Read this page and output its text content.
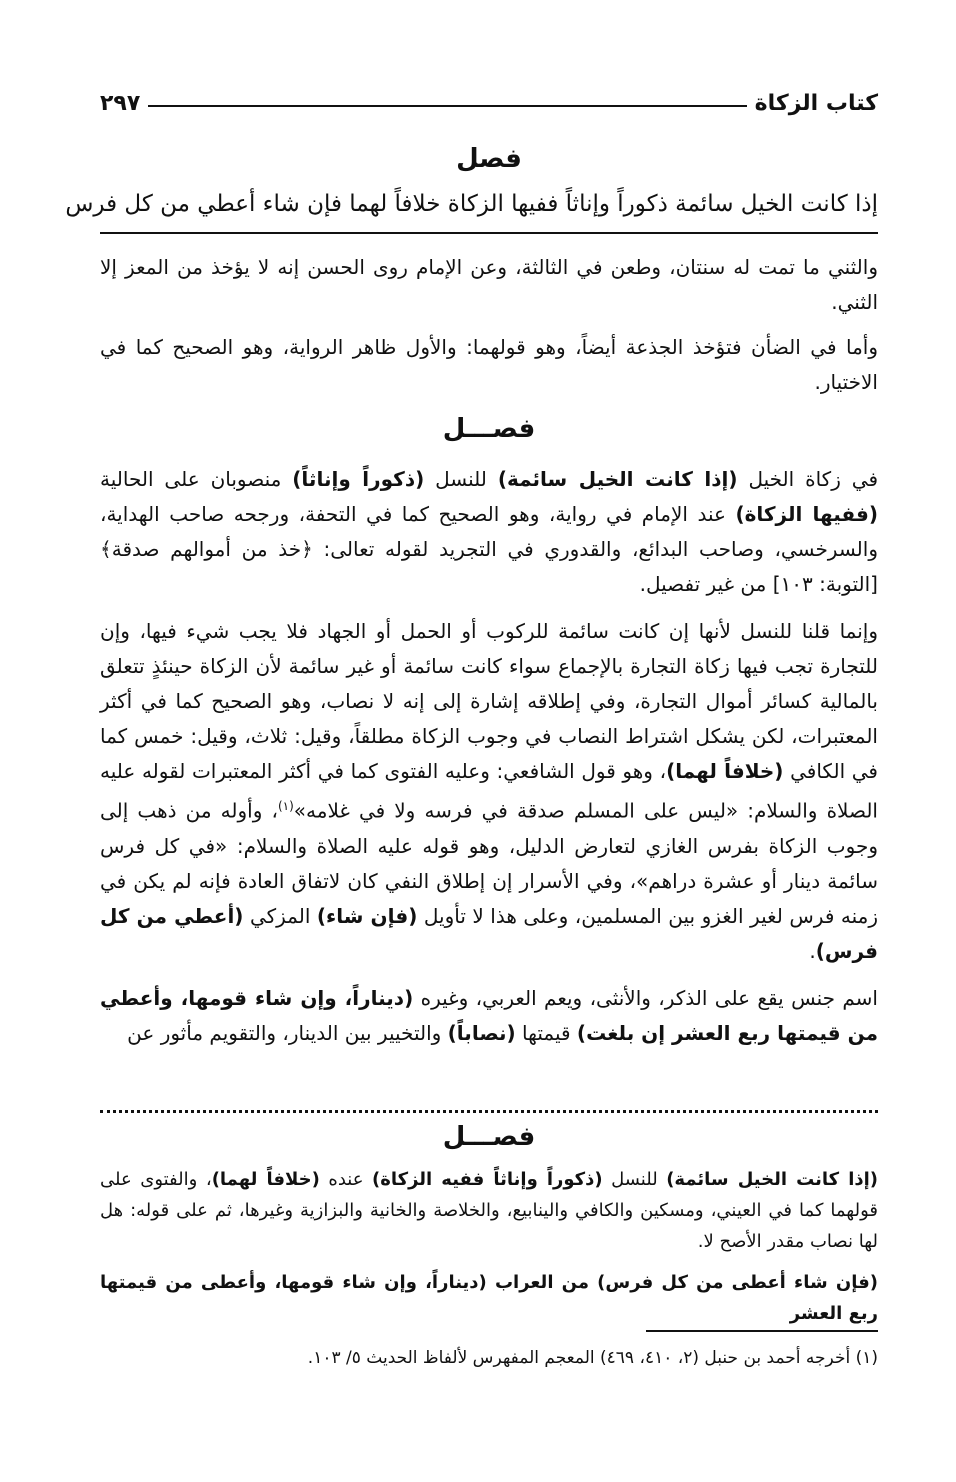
كتاب الزكاة
٢٩٧
فصل
إذا كانت الخيل سائمة ذكوراً وإناثاً ففيها الزكاة خلافاً لهما فإن شاء أعطي من كل فرس

والثني ما تمت له سنتان، وطعن في الثالثة، وعن الإمام روى الحسن إنه لا يؤخذ من المعز إلا الثني.

وأما في الضأن فتؤخذ الجذعة أيضاً، وهو قولهما: والأول ظاهر الرواية، وهو الصحيح كما في الاختيار.

فصـــل

في زكاة الخيل (إذا كانت الخيل سائمة) للنسل (ذكوراً وإناثاً) منصوبان على الحالية (ففيها الزكاة) عند الإمام في رواية، وهو الصحيح كما في التحفة، ورجحه صاحب الهداية، والسرخسي، وصاحب البدائع، والقدوري في التجريد لقوله تعالى: ﴿خذ من أموالهم صدقة﴾ [التوبة: ١٠٣] من غير تفصيل.

وإنما قلنا للنسل لأنها إن كانت سائمة للركوب أو الحمل أو الجهاد فلا يجب شيء فيها، وإن للتجارة تجب فيها زكاة التجارة بالإجماع سواء كانت سائمة أو غير سائمة لأن الزكاة حينئذٍ تتعلق بالمالية كسائر أموال التجارة، وفي إطلاقه إشارة إلى إنه لا نصاب، وهو الصحيح كما في أكثر المعتبرات، لكن يشكل اشتراط النصاب في وجوب الزكاة مطلقاً، وقيل: ثلاث، وقيل: خمس كما في الكافي (خلافاً لهما)، وهو قول الشافعي: وعليه الفتوى كما في أكثر المعتبرات لقوله عليه الصلاة والسلام: «ليس على المسلم صدقة في فرسه ولا في غلامه»$^{(١)}$، وأوله من ذهب إلى وجوب الزكاة بفرس الغازي لتعارض الدليل، وهو قوله عليه الصلاة والسلام: «في كل فرس سائمة دينار أو عشرة دراهم»، وفي الأسرار إن إطلاق النفي كان لاتفاق العادة فإنه لم يكن في زمنه فرس لغير الغزو بين المسلمين، وعلى هذا لا تأويل (فإن شاء) المزكي (أعطي من كل فرس).

اسم جنس يقع على الذكر، والأنثى، ويعم العربي، وغيره (ديناراً، وإن شاء قومها، وأعطي من قيمتها ربع العشر إن بلغت) قيمتها (نصاباً) والتخيير بين الدينار، والتقويم مأثور عن

فصـــل

(إذا كانت الخيل سائمة) للنسل (ذكوراً وإناثاً ففيه الزكاة) عنده (خلافاً لهما)، والفتوى على قولهما كما في العيني، ومسكين والكافي والينابيع، والخلاصة والخانية والبزازية وغيرها، ثم على قوله: هل لها نصاب مقدر الأصح لا.

(فإن شاء أعطى من كل فرس) من العراب (ديناراً، وإن شاء قومها، وأعطى من قيمتها ربع العشر

(١) أخرجه أحمد بن حنبل (٢، ٤١٠، ٤٦٩) المعجم المفهرس لألفاظ الحديث ٥/ ١٠٣.
